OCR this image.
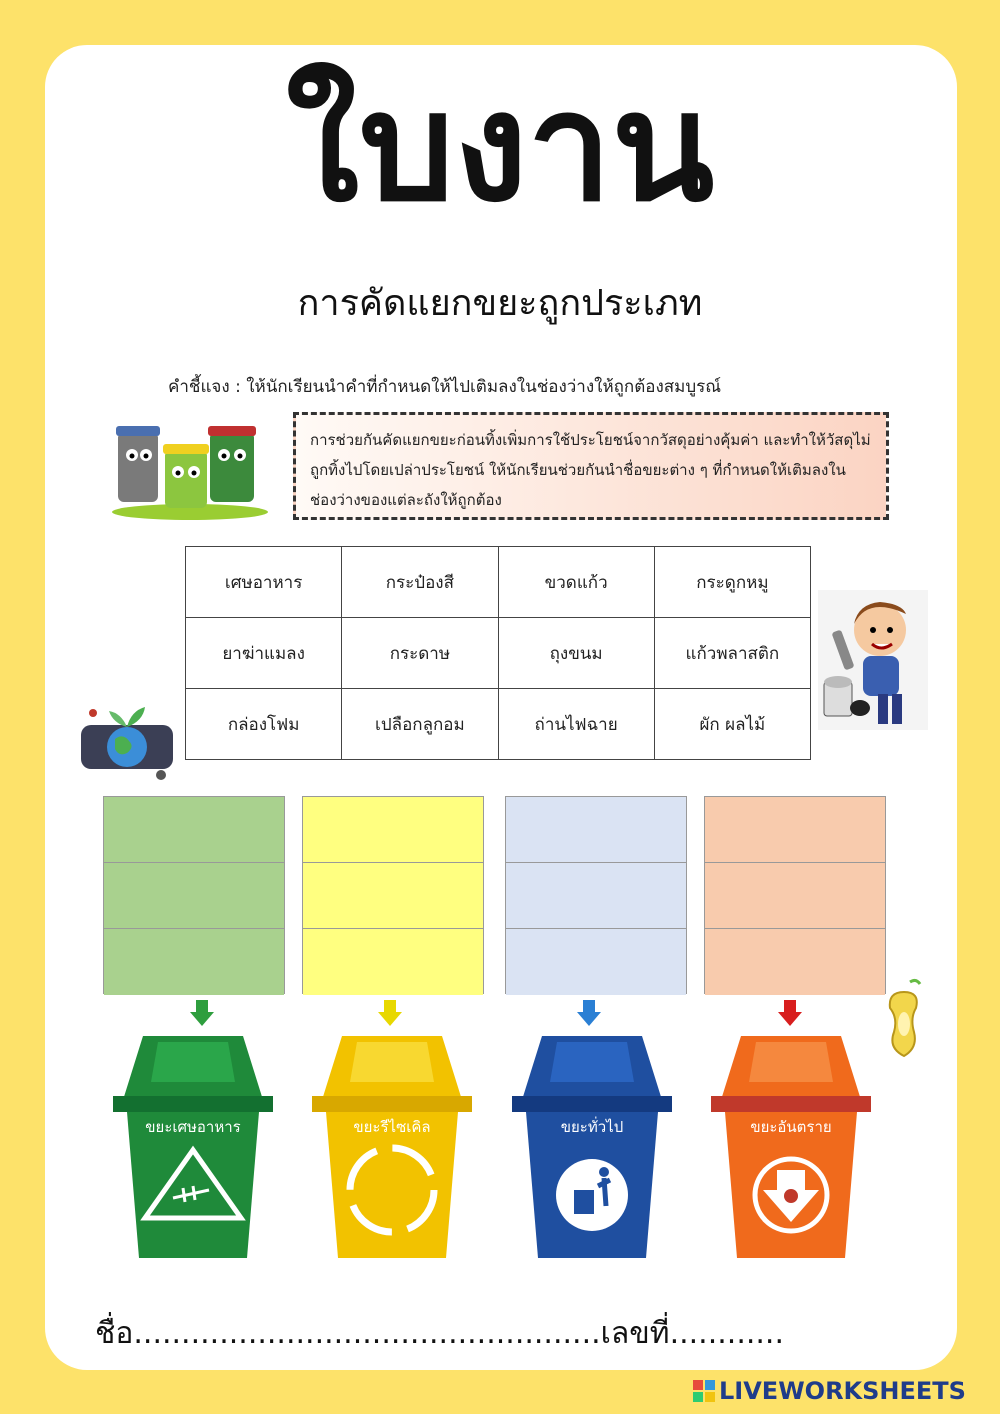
ใบงาน
การคัดแยกขยะถูกประเภท
คำชี้แจง : ให้นักเรียนนำคำที่กำหนดให้ไปเติมลงในช่องว่างให้ถูกต้องสมบูรณ์
การช่วยกันคัดแยกขยะก่อนทิ้งเพิ่มการใช้ประโยชน์จากวัสดุอย่างคุ้มค่า และทำให้วัสดุไม่ถูกทิ้งไปโดยเปล่าประโยชน์ ให้นักเรียนช่วยกันนำชื่อขยะต่าง ๆ ที่กำหนดให้เติมลงในช่องว่างของแต่ละถังให้ถูกต้อง
เศษอาหาร	กระป๋องสี	ขวดแก้ว	กระดูกหมู
ยาฆ่าแมลง	กระดาษ	ถุงขนม	แก้วพลาสติก
กล่องโฟม	เปลือกลูกอม	ถ่านไฟฉาย	ผัก ผลไม้
ขยะเศษอาหาร	ขยะรีไซเคิล	ขยะทั่วไป	ขยะอันตราย
ชื่อ.................................................เลขที่............
LIVEWORKSHEETS
